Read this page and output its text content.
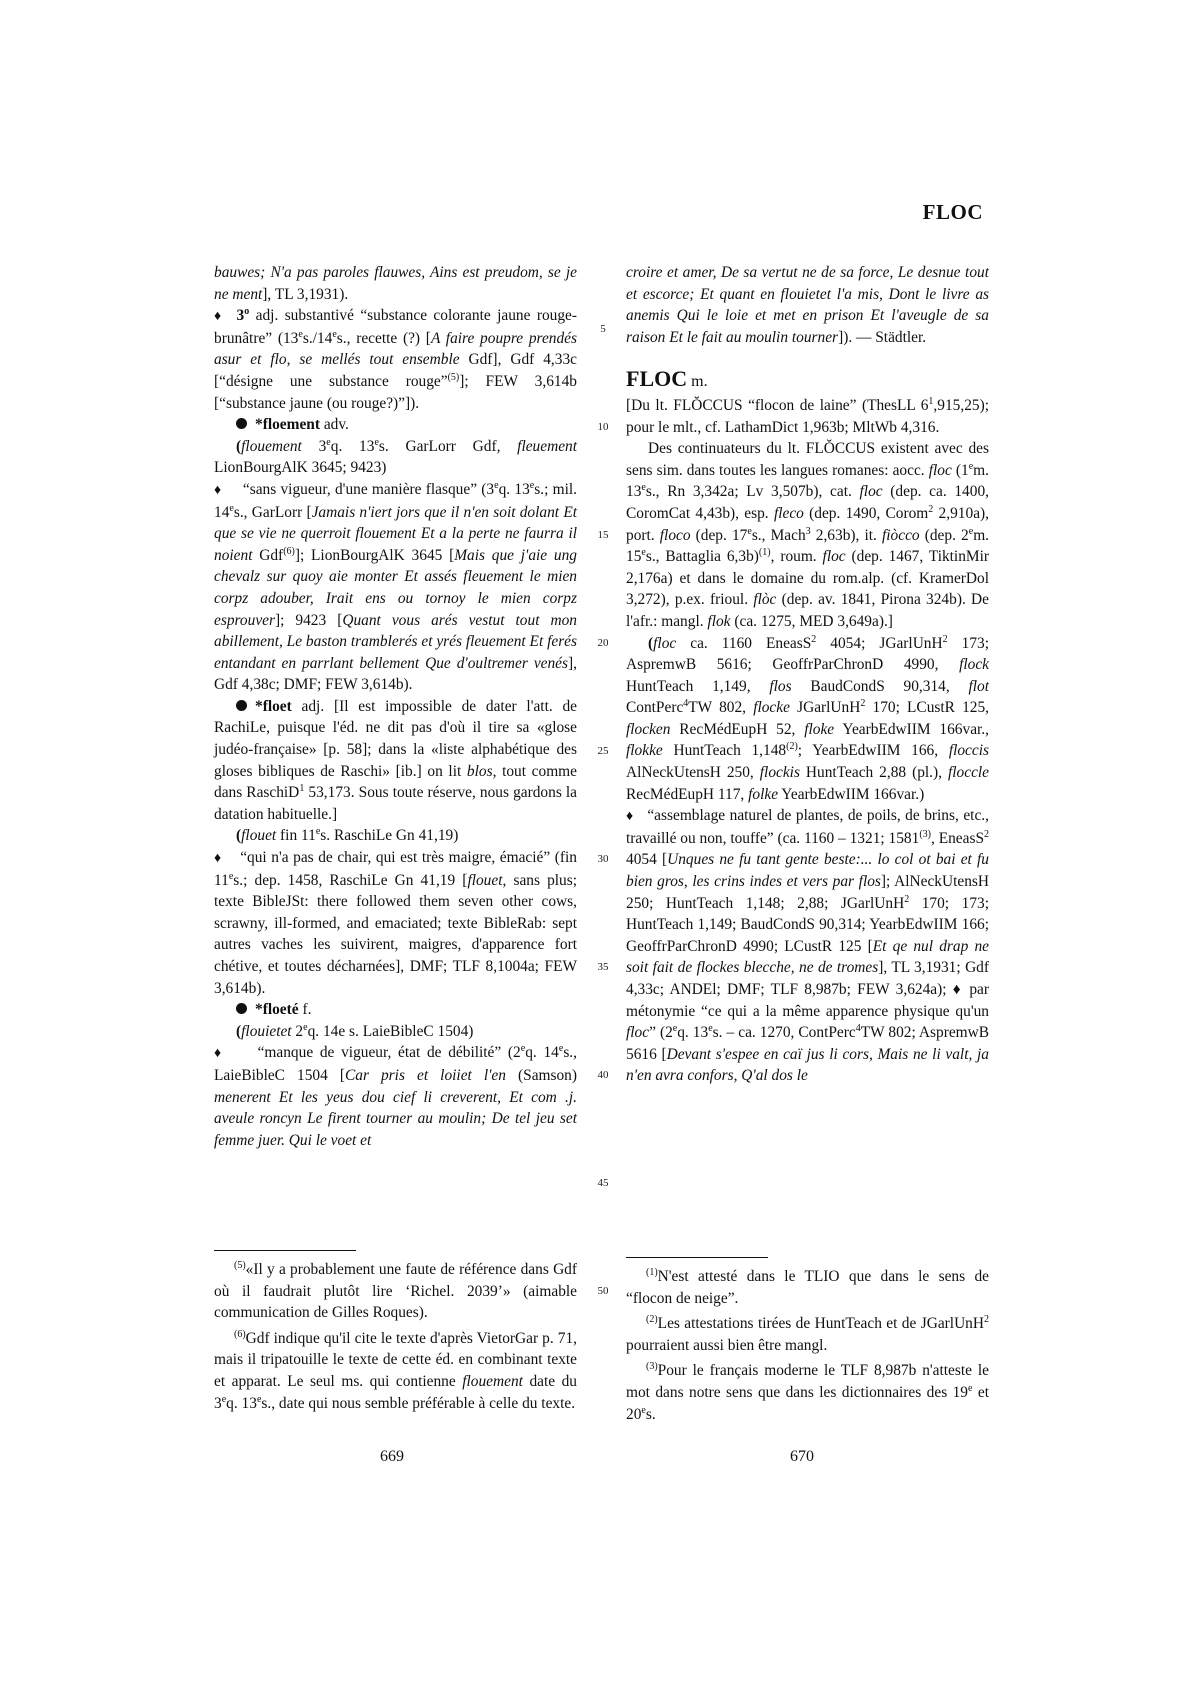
FLOC

bauwes; N'a pas paroles flauwes, Ains est preudom, se je ne ment], TL 3,1931).

♦ 3$^o$ adj. substantivé “substance colorante jaune rouge-brunâtre” (13es./14es., recette (?) [A faire poupre prendés asur et flo, se mellés tout ensemble Gdf], Gdf 4,33c [“désigne une substance rouge”$^{(5)}$]; FEW 3,614b [“substance jaune (ou rouge?)”]).

*floement adv.

(flouement 3eq. 13es. GarLorr Gdf, fleuement LionBourgAlK 3645; 9423)

♦ “sans vigueur, d'une manière flasque” (3eq. 13es.; mil. 14es., GarLorr [Jamais n'iert jors que il n'en soit dolant Et que se vie ne querroit flouement Et a la perte ne faurra il noient Gdf$^{(6)}$]; LionBourgAlK 3645 [Mais que j'aie ung chevalz sur quoy aie monter Et assés fleuement le mien corpz adouber, Irait ens ou tornoy le mien corpz esprouver]; 9423 [Quant vous arés vestut tout mon abillement, Le baston tramblerés et yrés fleuement Et ferés entandant en parrlant bellement Que d'oultremer venés], Gdf 4,38c; DMF; FEW 3,614b).

*floet adj. [Il est impossible de dater l'att. de RachiLe, puisque l'éd. ne dit pas d'où il tire sa «glose judéo-française» [p. 58]; dans la «liste alphabétique des gloses bibliques de Raschi» [ib.] on lit blos, tout comme dans RaschiD$^1$ 53,173. Sous toute réserve, nous gardons la datation habituelle.]

(flouet fin 11es. RaschiLe Gn 41,19)

♦ “qui n'a pas de chair, qui est très maigre, émacié” (fin 11es.; dep. 1458, RaschiLe Gn 41,19 [flouet, sans plus; texte BibleJSt: there followed them seven other cows, scrawny, ill-formed, and emaciated; texte BibleRab: sept autres vaches les suivirent, maigres, d'apparence fort chétive, et toutes décharnées], DMF; TLF 8,1004a; FEW 3,614b).

*floeté f.

(flouietet 2eq. 14e s. LaieBibleC 1504)

♦ “manque de vigueur, état de débilité” (2eq. 14es., LaieBibleC 1504 [Car pris et loiiet l'en (Samson) menerent Et les yeus dou cief li creverent, Et com .j. aveule roncyn Le firent tourner au moulin; De tel jeu set femme juer. Qui le voet et

croire et amer, De sa vertut ne de sa force, Le desnue tout et escorce; Et quant en flouietet l'a mis, Dont le livre as anemis Qui le loie et met en prison Et l'aveugle de sa raison Et le fait au moulin tourner]). — Städtler.

FLOC m.

[Du lt. FLŎCCUS “flocon de laine” (ThesLL $6^1,915,25$); pour le mlt., cf. LathamDict 1,963b; MltWb 4,316.

Des continuateurs du lt. FLŎCCUS existent avec des sens sim. dans toutes les langues romanes: aocc. floc (1em. 13es., Rn 3,342a; Lv 3,507b), cat. floc (dep. ca. 1400, CoromCat 4,43b), esp. fleco (dep. 1490, Corom$^2$ 2,910a), port. floco (dep. 17es., Mach$^3$ 2,63b), it. fiòcco (dep. 2em. 15es., Battaglia 6,3b)$^{(1)}$, roum. floc (dep. 1467, TiktinMir 2,176a) et dans le domaine du rom.alp. (cf. KramerDol 3,272), p.ex. frioul. flòc (dep. av. 1841, Pirona 324b). De l'afr.: mangl. flok (ca. 1275, MED 3,649a).]

(floc ca. 1160 EneasS$^2$ 4054; JGarlUnH$^2$ 173; AspremwB 5616; GeoffrParChronD 4990, flock HuntTeach 1,149, flos BaudCondS 90,314, flot ContPerc$^4$TW 802, flocke JGarlUnH$^2$ 170; LCustR 125, flocken RecMédEupH 52, floke YearbEdwIIM 166var., flokke HuntTeach 1,148$^{(2)}$; YearbEdwIIM 166, floccis AlNeckUtensH 250, flockis HuntTeach 2,88 (pl.), floccle RecMédEupH 117, folke YearbEdwIIM 166var.)

♦ “assemblage naturel de plantes, de poils, de brins, etc., travaillé ou non, touffe” (ca. 1160 – 1321; 1581$^{(3)}$, EneasS$^2$ 4054 [Unques ne fu tant gente beste:... lo col ot bai et fu bien gros, les crins indes et vers par flos]; AlNeckUtensH 250; HuntTeach 1,148; 2,88; JGarlUnH$^2$ 170; 173; HuntTeach 1,149; BaudCondS 90,314; YearbEdwIIM 166; GeoffrParChronD 4990; LCustR 125 [Et qe nul drap ne soit fait de flockes blecche, ne de tromes], TL 3,1931; Gdf 4,33c; ANDEl; DMF; TLF 8,987b; FEW 3,624a); ♦ par métonymie “ce qui a la même apparence physique qu'un floc” (2eq. 13es. – ca. 1270, ContPerc$^4$TW 802; AspremwB 5616 [Devant s'espee en caï jus li cors, Mais ne li valt, ja n'en avra confors, Q'al dos le

5
10
15
20
25
30
35
40
45
50

$^{(5)}$«Il y a probablement une faute de référence dans Gdf où il faudrait plutôt lire ‘Richel. 2039’» (aimable communication de Gilles Roques).

$^{(6)}$Gdf indique qu'il cite le texte d'après VietorGar p. 71, mais il tripatouille le texte de cette éd. en combinant texte et apparat. Le seul ms. qui contienne flouement date du 3eq. 13es., date qui nous semble préférable à celle du texte.

$^{(1)}$N'est attesté dans le TLIO que dans le sens de “flocon de neige”.

$^{(2)}$Les attestations tirées de HuntTeach et de JGarlUnH$^2$ pourraient aussi bien être mangl.

$^{(3)}$Pour le français moderne le TLF 8,987b n'atteste le mot dans notre sens que dans les dictionnaires des 19e et 20es.

669	670
